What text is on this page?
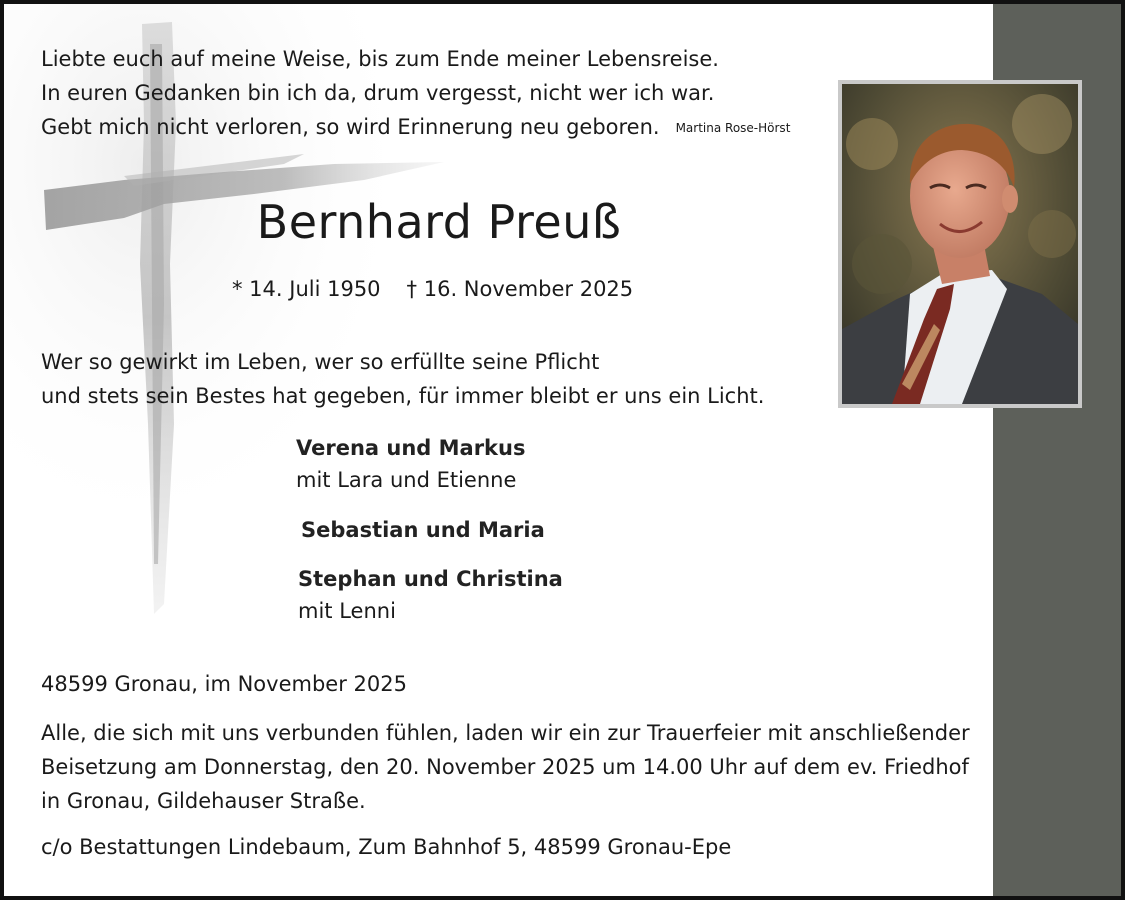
Liebte euch auf meine Weise, bis zum Ende meiner Lebensreise.
In euren Gedanken bin ich da, drum vergesst, nicht wer ich war.
Gebt mich nicht verloren, so wird Erinnerung neu geboren. Martina Rose-Hörst
Bernhard Preuß
* 14. Juli 1950 † 16. November 2025
Wer so gewirkt im Leben, wer so erfüllte seine Pflicht
und stets sein Bestes hat gegeben, für immer bleibt er uns ein Licht.
Verena und Markus
mit Lara und Etienne
Sebastian und Maria
Stephan und Christina
mit Lenni
48599 Gronau, im November 2025
Alle, die sich mit uns verbunden fühlen, laden wir ein zur Trauerfeier mit anschließender
Beisetzung am Donnerstag, den 20. November 2025 um 14.00 Uhr auf dem ev. Friedhof
in Gronau, Gildehauser Straße.
c/o Bestattungen Lindebaum, Zum Bahnhof 5, 48599 Gronau-Epe
